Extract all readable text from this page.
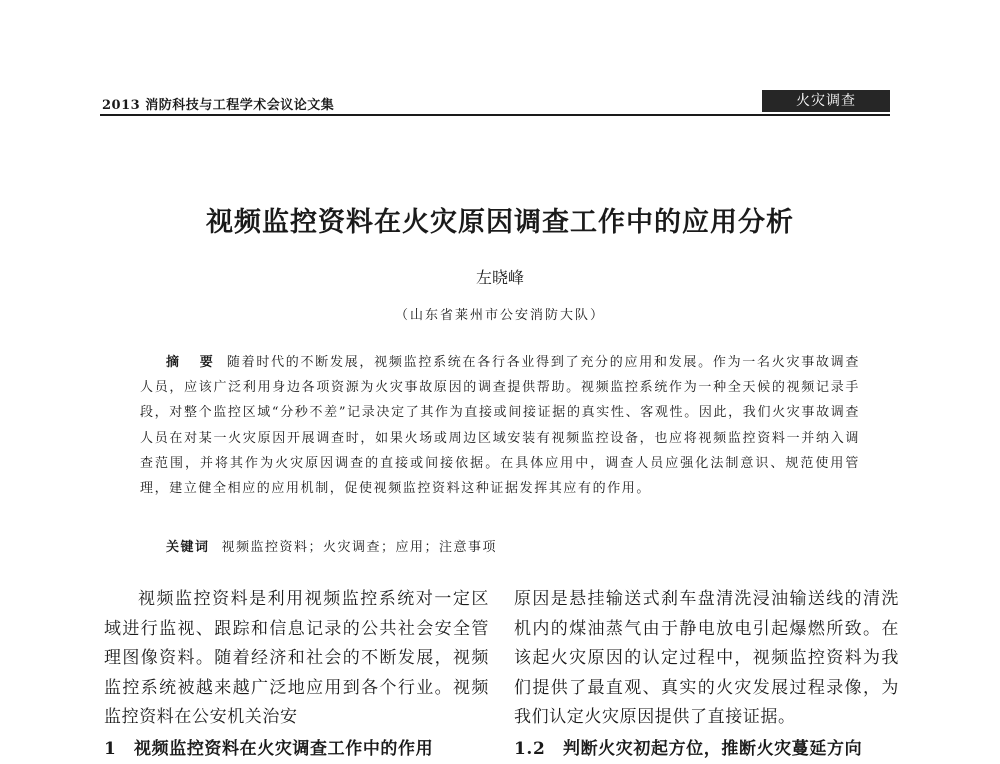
2013 消防科技与工程学术会议论文集	火灾调查
视频监控资料在火灾原因调查工作中的应用分析
左晓峰
（山东省莱州市公安消防大队）
摘 要 随着时代的不断发展，视频监控系统在各行各业得到了充分的应用和发展。作为一名火灾事故调查人员，应该广泛利用身边各项资源为火灾事故原因的调查提供帮助。视频监控系统作为一种全天候的视频记录手段，对整个监控区域“分秒不差”记录决定了其作为直接或间接证据的真实性、客观性。因此，我们火灾事故调查人员在对某一火灾原因开展调查时，如果火场或周边区域安装有视频监控设备，也应将视频监控资料一并纳入调查范围，并将其作为火灾原因调查的直接或间接依据。在具体应用中，调查人员应强化法制意识、规范使用管理，建立健全相应的应用机制，促使视频监控资料这种证据发挥其应有的作用。
关键词 视频监控资料；火灾调查；应用；注意事项

视频监控资料是利用视频监控系统对一定区域进行监视、跟踪和信息记录的公共社会安全管理图像资料。随着经济和社会的不断发展，视频监控系统被越来越广泛地应用到各个行业。视频监控资料在公安机关治安

1　视频监控资料在火灾调查工作中的作用

原因是悬挂输送式刹车盘清洗浸油输送线的清洗机内的煤油蒸气由于静电放电引起爆燃所致。在该起火灾原因的认定过程中，视频监控资料为我们提供了最直观、真实的火灾发展过程录像，为我们认定火灾原因提供了直接证据。

1.2　判断火灾初起方位，推断火灾蔓延方向
